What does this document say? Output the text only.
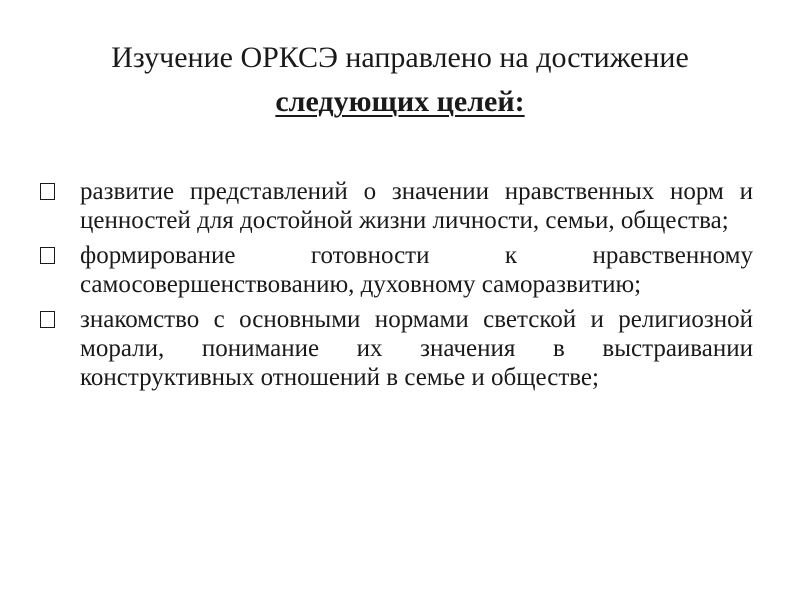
Изучение ОРКСЭ направлено на достижение
следующих целей:
развитие представлений о значении нравственных норм и ценностей для достойной жизни личности, семьи, общества;
формирование готовности к нравственному самосовершенствованию, духовному саморазвитию;
знакомство с основными нормами светской и религиозной морали, понимание их значения в выстраивании конструктивных отношений в семье и обществе;
